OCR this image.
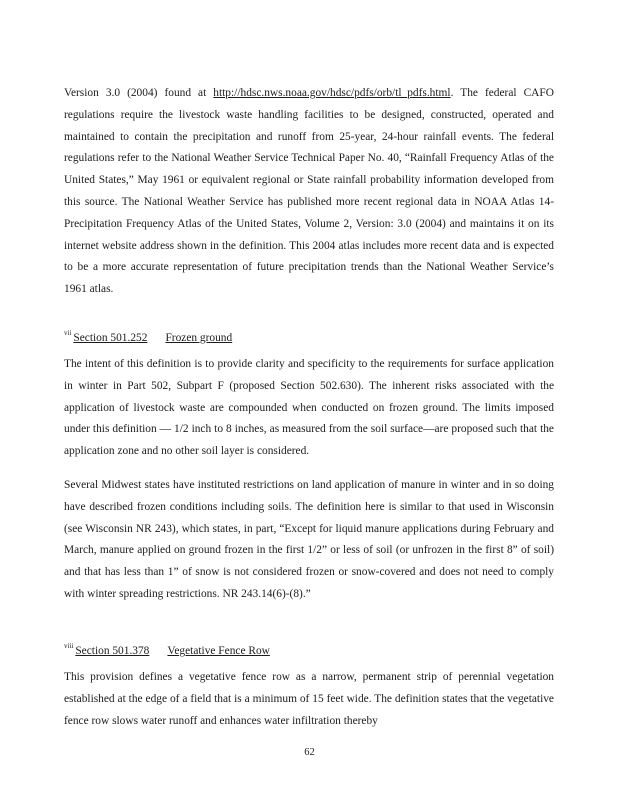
Version 3.0 (2004) found at http://hdsc.nws.noaa.gov/hdsc/pdfs/orb/tl_pdfs.html. The federal CAFO regulations require the livestock waste handling facilities to be designed, constructed, operated and maintained to contain the precipitation and runoff from 25-year, 24-hour rainfall events. The federal regulations refer to the National Weather Service Technical Paper No. 40, “Rainfall Frequency Atlas of the United States,” May 1961 or equivalent regional or State rainfall probability information developed from this source. The National Weather Service has published more recent regional data in NOAA Atlas 14-Precipitation Frequency Atlas of the United States, Volume 2, Version: 3.0 (2004) and maintains it on its internet website address shown in the definition. This 2004 atlas includes more recent data and is expected to be a more accurate representation of future precipitation trends than the National Weather Service’s 1961 atlas.

$^{vii}$ Section 501.252 Frozen ground

The intent of this definition is to provide clarity and specificity to the requirements for surface application in winter in Part 502, Subpart F (proposed Section 502.630). The inherent risks associated with the application of livestock waste are compounded when conducted on frozen ground. The limits imposed under this definition — 1/2 inch to 8 inches, as measured from the soil surface—are proposed such that the application zone and no other soil layer is considered.

Several Midwest states have instituted restrictions on land application of manure in winter and in so doing have described frozen conditions including soils. The definition here is similar to that used in Wisconsin (see Wisconsin NR 243), which states, in part, “Except for liquid manure applications during February and March, manure applied on ground frozen in the first 1/2” or less of soil (or unfrozen in the first 8” of soil) and that has less than 1” of snow is not considered frozen or snow-covered and does not need to comply with winter spreading restrictions. NR 243.14(6)-(8).”

$^{viii}$ Section 501.378 Vegetative Fence Row

This provision defines a vegetative fence row as a narrow, permanent strip of perennial vegetation established at the edge of a field that is a minimum of 15 feet wide. The definition states that the vegetative fence row slows water runoff and enhances water infiltration thereby

62
